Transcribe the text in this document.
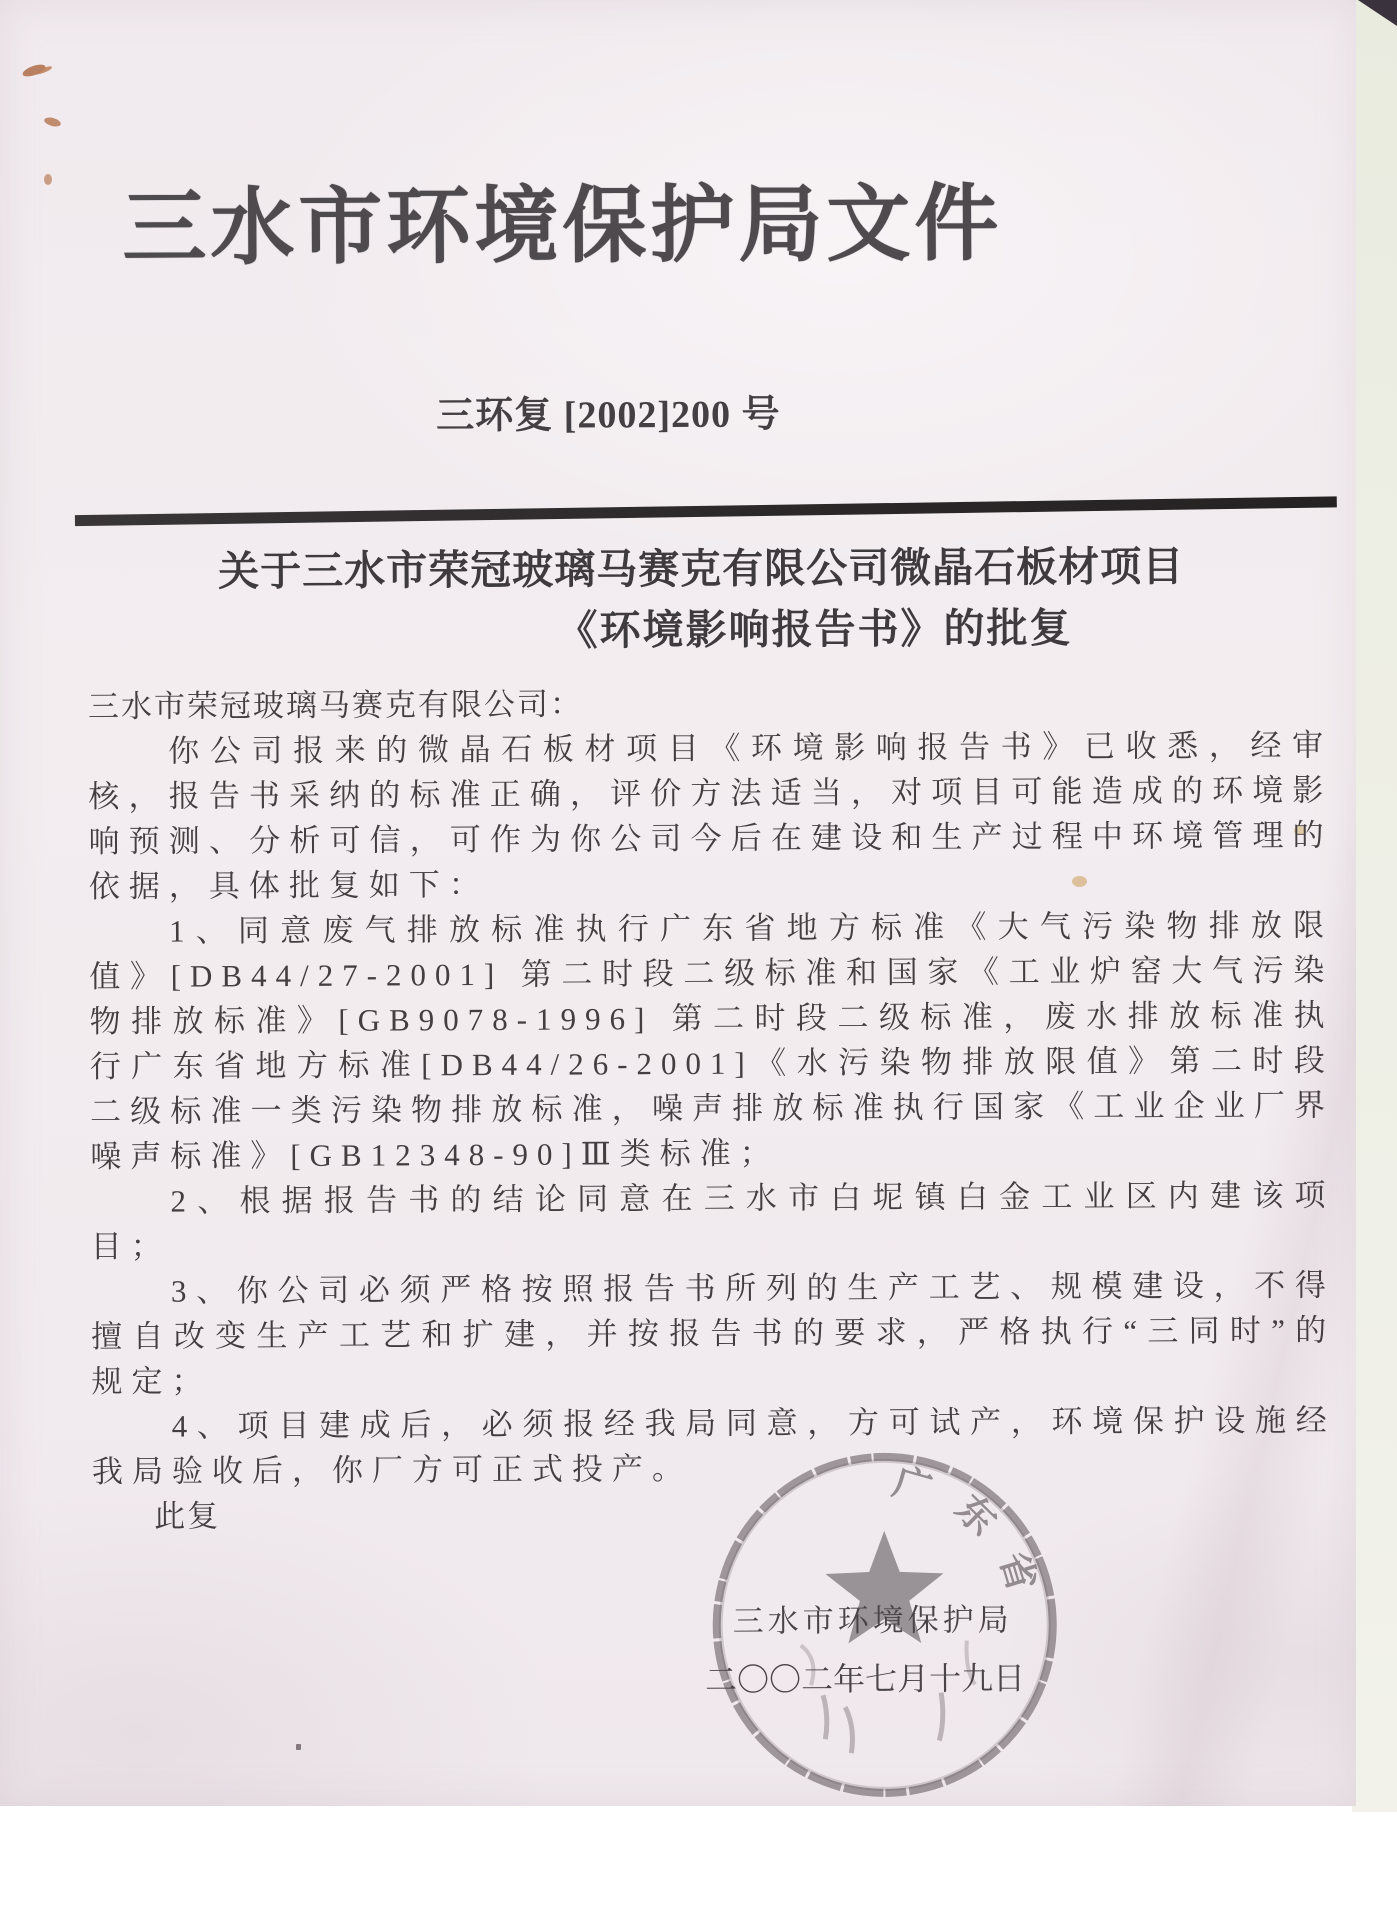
三水市环境保护局文件
三环复 [2002]200 号
关于三水市荣冠玻璃马赛克有限公司微晶石板材项目
《环境影响报告书》的批复

三水市荣冠玻璃马赛克有限公司：

你公司报来的微晶石板材项目《环境影响报告书》已收悉，经审核，报告书采纳的标准正确，评价方法适当，对项目可能造成的环境影响预测、分析可信，可作为你公司今后在建设和生产过程中环境管理的依据，具体批复如下：

1、同意废气排放标准执行广东省地方标准《大气污染物排放限值》[DB44/27-2001] 第二时段二级标准和国家《工业炉窑大气污染物排放标准》[GB9078-1996] 第二时段二级标准，废水排放标准执行广东省地方标准[DB44/26-2001]《水污染物排放限值》第二时段二级标准一类污染物排放标准，噪声排放标准执行国家《工业企业厂界噪声标准》[GB12348-90]Ⅲ类标准；

2、根据报告书的结论同意在三水市白坭镇白金工业区内建该项目；

3、你公司必须严格按照报告书所列的生产工艺、规模建设，不得擅自改变生产工艺和扩建，并按报告书的要求，严格执行“三同时”的规定；

4、项目建成后，必须报经我局同意，方可试产，环境保护设施经我局验收后，你厂方可正式投产。

此复	广东省
三水市环境保护局
二〇〇二年七月十九日
